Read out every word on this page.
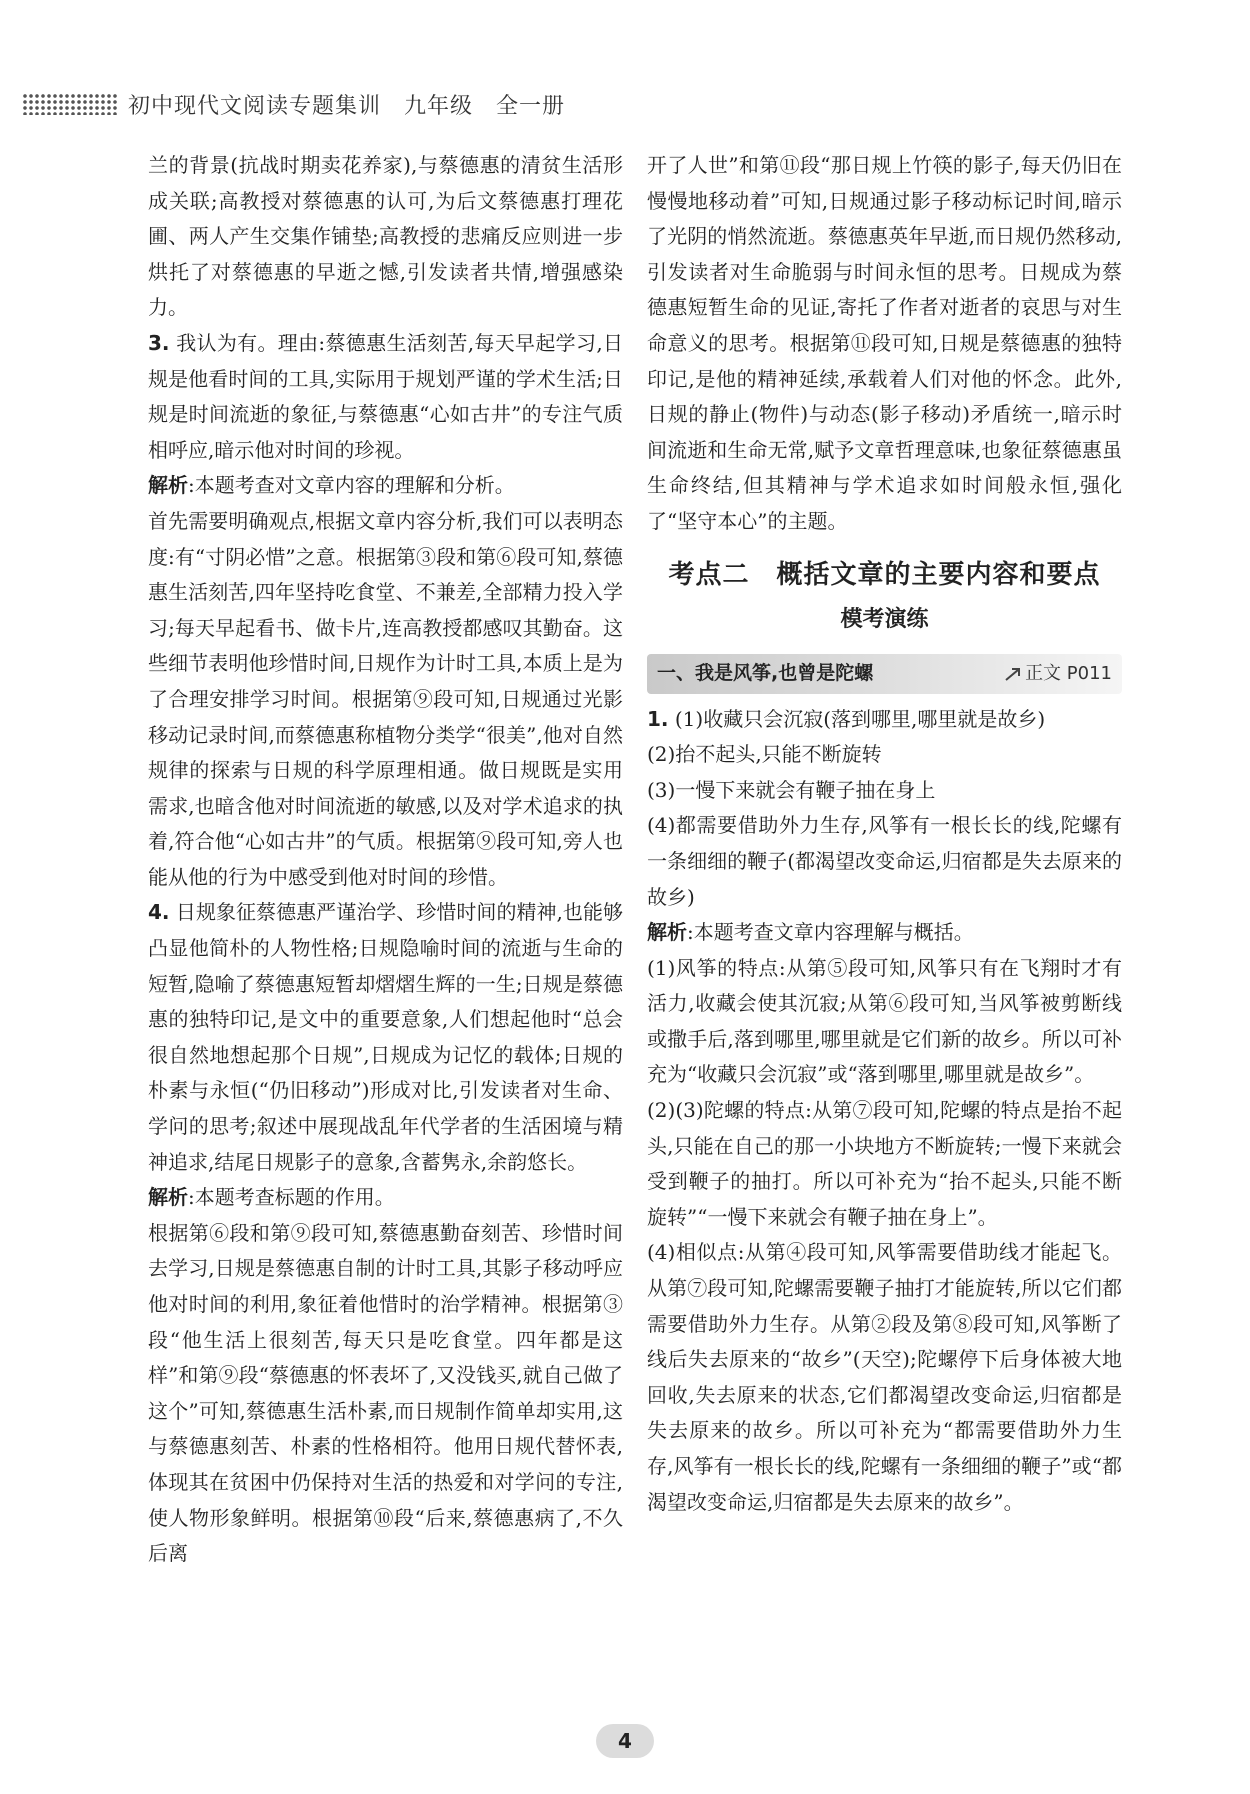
初中现代文阅读专题集训　九年级　全一册

兰的背景(抗战时期卖花养家),与蔡德惠的清贫生活形成关联;高教授对蔡德惠的认可,为后文蔡德惠打理花圃、两人产生交集作铺垫;高教授的悲痛反应则进一步烘托了对蔡德惠的早逝之憾,引发读者共情,增强感染力。

3. 我认为有。理由:蔡德惠生活刻苦,每天早起学习,日规是他看时间的工具,实际用于规划严谨的学术生活;日规是时间流逝的象征,与蔡德惠“心如古井”的专注气质相呼应,暗示他对时间的珍视。

解析:本题考查对文章内容的理解和分析。

首先需要明确观点,根据文章内容分析,我们可以表明态度:有“寸阴必惜”之意。根据第③段和第⑥段可知,蔡德惠生活刻苦,四年坚持吃食堂、不兼差,全部精力投入学习;每天早起看书、做卡片,连高教授都感叹其勤奋。这些细节表明他珍惜时间,日规作为计时工具,本质上是为了合理安排学习时间。根据第⑨段可知,日规通过光影移动记录时间,而蔡德惠称植物分类学“很美”,他对自然规律的探索与日规的科学原理相通。做日规既是实用需求,也暗含他对时间流逝的敏感,以及对学术追求的执着,符合他“心如古井”的气质。根据第⑨段可知,旁人也能从他的行为中感受到他对时间的珍惜。

4. 日规象征蔡德惠严谨治学、珍惜时间的精神,也能够凸显他简朴的人物性格;日规隐喻时间的流逝与生命的短暂,隐喻了蔡德惠短暂却熠熠生辉的一生;日规是蔡德惠的独特印记,是文中的重要意象,人们想起他时“总会很自然地想起那个日规”,日规成为记忆的载体;日规的朴素与永恒(“仍旧移动”)形成对比,引发读者对生命、学问的思考;叙述中展现战乱年代学者的生活困境与精神追求,结尾日规影子的意象,含蓄隽永,余韵悠长。

解析:本题考查标题的作用。

根据第⑥段和第⑨段可知,蔡德惠勤奋刻苦、珍惜时间去学习,日规是蔡德惠自制的计时工具,其影子移动呼应他对时间的利用,象征着他惜时的治学精神。根据第③段“他生活上很刻苦,每天只是吃食堂。四年都是这样”和第⑨段“蔡德惠的怀表坏了,又没钱买,就自己做了这个”可知,蔡德惠生活朴素,而日规制作简单却实用,这与蔡德惠刻苦、朴素的性格相符。他用日规代替怀表,体现其在贫困中仍保持对生活的热爱和对学问的专注,使人物形象鲜明。根据第⑩段“后来,蔡德惠病了,不久后离

开了人世”和第⑪段“那日规上竹筷的影子,每天仍旧在慢慢地移动着”可知,日规通过影子移动标记时间,暗示了光阴的悄然流逝。蔡德惠英年早逝,而日规仍然移动,引发读者对生命脆弱与时间永恒的思考。日规成为蔡德惠短暂生命的见证,寄托了作者对逝者的哀思与对生命意义的思考。根据第⑪段可知,日规是蔡德惠的独特印记,是他的精神延续,承载着人们对他的怀念。此外,日规的静止(物件)与动态(影子移动)矛盾统一,暗示时间流逝和生命无常,赋予文章哲理意味,也象征蔡德惠虽生命终结,但其精神与学术追求如时间般永恒,强化了“坚守本心”的主题。

考点二　概括文章的主要内容和要点
模考演练
一、我是风筝,也曾是陀螺	正文 P011

1. (1)收藏只会沉寂(落到哪里,哪里就是故乡)

(2)抬不起头,只能不断旋转

(3)一慢下来就会有鞭子抽在身上

(4)都需要借助外力生存,风筝有一根长长的线,陀螺有一条细细的鞭子(都渴望改变命运,归宿都是失去原来的故乡)

解析:本题考查文章内容理解与概括。

(1)风筝的特点:从第⑤段可知,风筝只有在飞翔时才有活力,收藏会使其沉寂;从第⑥段可知,当风筝被剪断线或撒手后,落到哪里,哪里就是它们新的故乡。所以可补充为“收藏只会沉寂”或“落到哪里,哪里就是故乡”。

(2)(3)陀螺的特点:从第⑦段可知,陀螺的特点是抬不起头,只能在自己的那一小块地方不断旋转;一慢下来就会受到鞭子的抽打。所以可补充为“抬不起头,只能不断旋转”“一慢下来就会有鞭子抽在身上”。

(4)相似点:从第④段可知,风筝需要借助线才能起飞。从第⑦段可知,陀螺需要鞭子抽打才能旋转,所以它们都需要借助外力生存。从第②段及第⑧段可知,风筝断了线后失去原来的“故乡”(天空);陀螺停下后身体被大地回收,失去原来的状态,它们都渴望改变命运,归宿都是失去原来的故乡。所以可补充为“都需要借助外力生存,风筝有一根长长的线,陀螺有一条细细的鞭子”或“都渴望改变命运,归宿都是失去原来的故乡”。

4
